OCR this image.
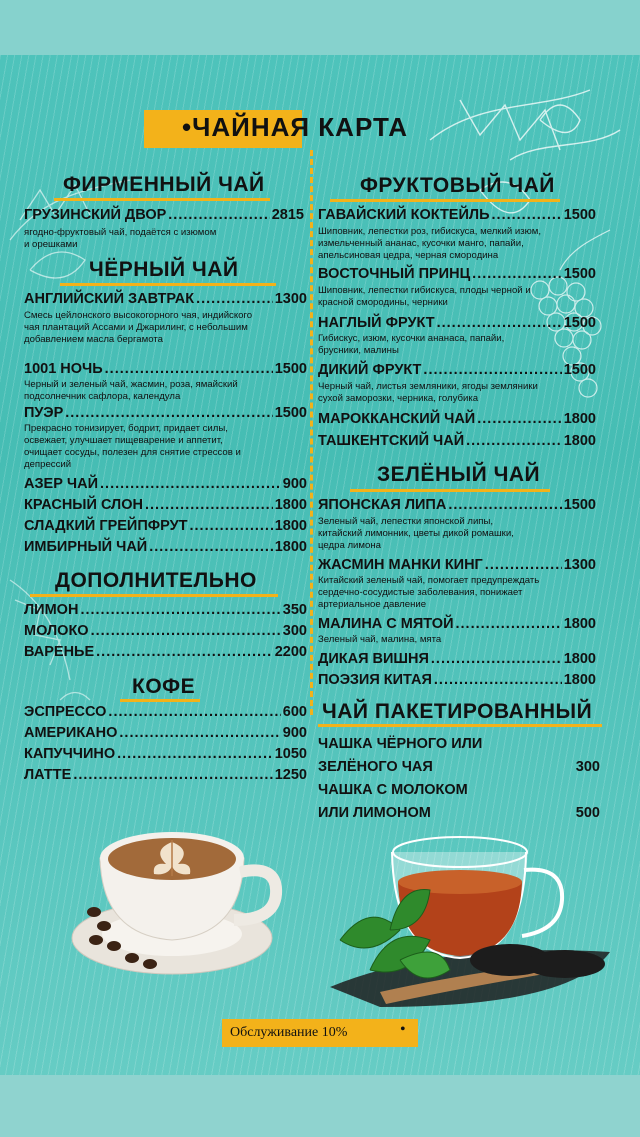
•ЧАЙНАЯ КАРТА
ФИРМЕННЫЙ ЧАЙ
ГРУЗИНСКИЙ ДВОР .....	2815
ягодно-фруктовый чай, подаётся с изюмом и орешками
ЧЁРНЫЙ ЧАЙ
АНГЛИЙСКИЙ ЗАВТРАК .....	1300
Смесь цейлонского высокогорного чая, индийского чая плантаций Ассами и Джарилинг, с небольшим добавлением масла бергамота
1001 НОЧЬ .....	1500
Черный и зеленый чай, жасмин, роза, ямайский подсолнечник сафлора, календула
ПУЭР .....	1500
Прекрасно тонизирует, бодрит, придает силы, освежает, улучшает пищеварение и аппетит, очищает сосуды, полезен для снятие стрессов и депрессий
АЗЕР ЧАЙ .....	900
КРАСНЫЙ СЛОН .....	1800
СЛАДКИЙ ГРЕЙПФРУТ .....	1800
ИМБИРНЫЙ ЧАЙ .....	1800
ДОПОЛНИТЕЛЬНО
ЛИМОН .....	350
МОЛОКО .....	300
ВАРЕНЬЕ .....	2200
КОФЕ
ЭСПРЕССО .....	600
АМЕРИКАНО .....	900
КАПУЧЧИНО .....	1050
ЛАТТЕ .....	1250
ФРУКТОВЫЙ ЧАЙ
ГАВАЙСКИЙ КОКТЕЙЛЬ .....	1500
Шиповник, лепестки роз, гибискуса, мелкий изюм, измельченный ананас, кусочки манго, папайи, апельсиновая цедра, черная смородина
ВОСТОЧНЫЙ ПРИНЦ .....	1500
Шиповник, лепестки гибискуса, плоды черной и красной смородины, черники
НАГЛЫЙ ФРУКТ .....	1500
Гибискус, изюм, кусочки ананаса, папайи, брусники, малины
ДИКИЙ ФРУКТ .....	1500
Черный чай, листья земляники, ягоды земляники сухой заморозки, черника, голубика
МАРОККАНСКИЙ ЧАЙ .....	1800
ТАШКЕНТСКИЙ ЧАЙ .....	1800
ЗЕЛЁНЫЙ ЧАЙ
ЯПОНСКАЯ ЛИПА .....	1500
Зеленый чай, лепестки японской липы, китайский лимонник, цветы дикой ромашки, цедра лимона
ЖАСМИН МАНКИ КИНГ .....	1300
Китайский зеленый чай, помогает предупреждать сердечно-сосудистые заболевания, понижает артериальное давление
МАЛИНА С МЯТОЙ .....	1800
Зеленый чай, малина, мята
ДИКАЯ ВИШНЯ .....	1800
ПОЭЗИЯ КИТАЯ .....	1800
ЧАЙ ПАКЕТИРОВАННЫЙ
ЧАШКА ЧЁРНОГО ИЛИ
ЗЕЛЁНОГО ЧАЯ	300
ЧАШКА С МОЛОКОМ
ИЛИ ЛИМОНОМ	500
Обслуживание 10%	•
